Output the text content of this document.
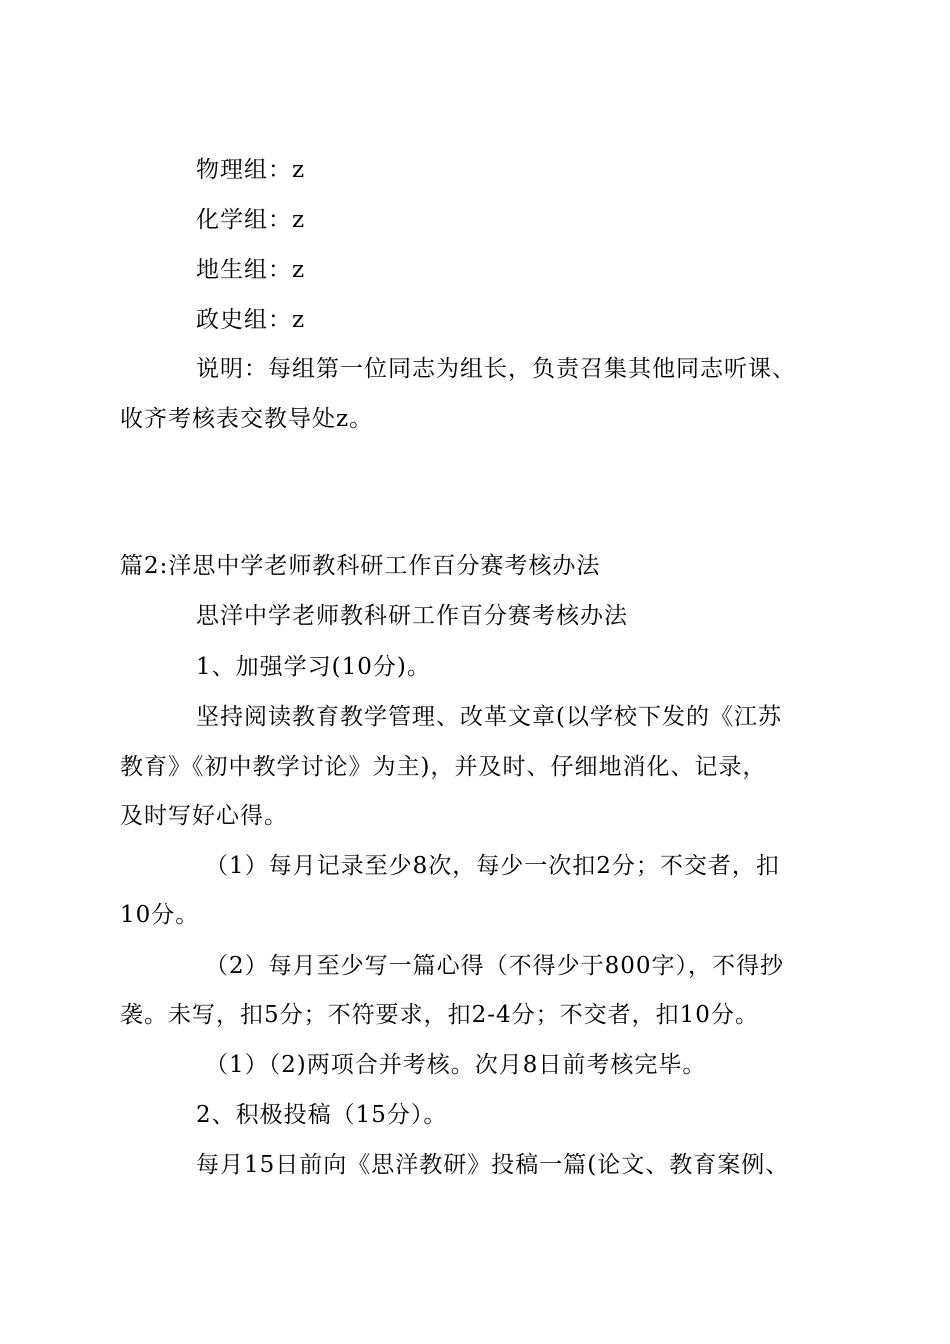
物理组：z
化学组：z
地生组：z
政史组：z
说明：每组第一位同志为组长，负责召集其他同志听课、
收齐考核表交教导处z。
篇2:洋思中学老师教科研工作百分赛考核办法
思洋中学老师教科研工作百分赛考核办法
1、加强学习(10分)。
坚持阅读教育教学管理、改革文章(以学校下发的《江苏
教育》《初中教学讨论》为主)，并及时、仔细地消化、记录，
及时写好心得。
（1）每月记录至少8次，每少一次扣2分；不交者，扣
10分。
（2）每月至少写一篇心得（不得少于800字），不得抄
袭。未写，扣5分；不符要求，扣2-4分；不交者，扣10分。
（1）（2)两项合并考核。次月8日前考核完毕。
2、积极投稿（15分）。
每月15日前向《思洋教研》投稿一篇(论文、教育案例、
